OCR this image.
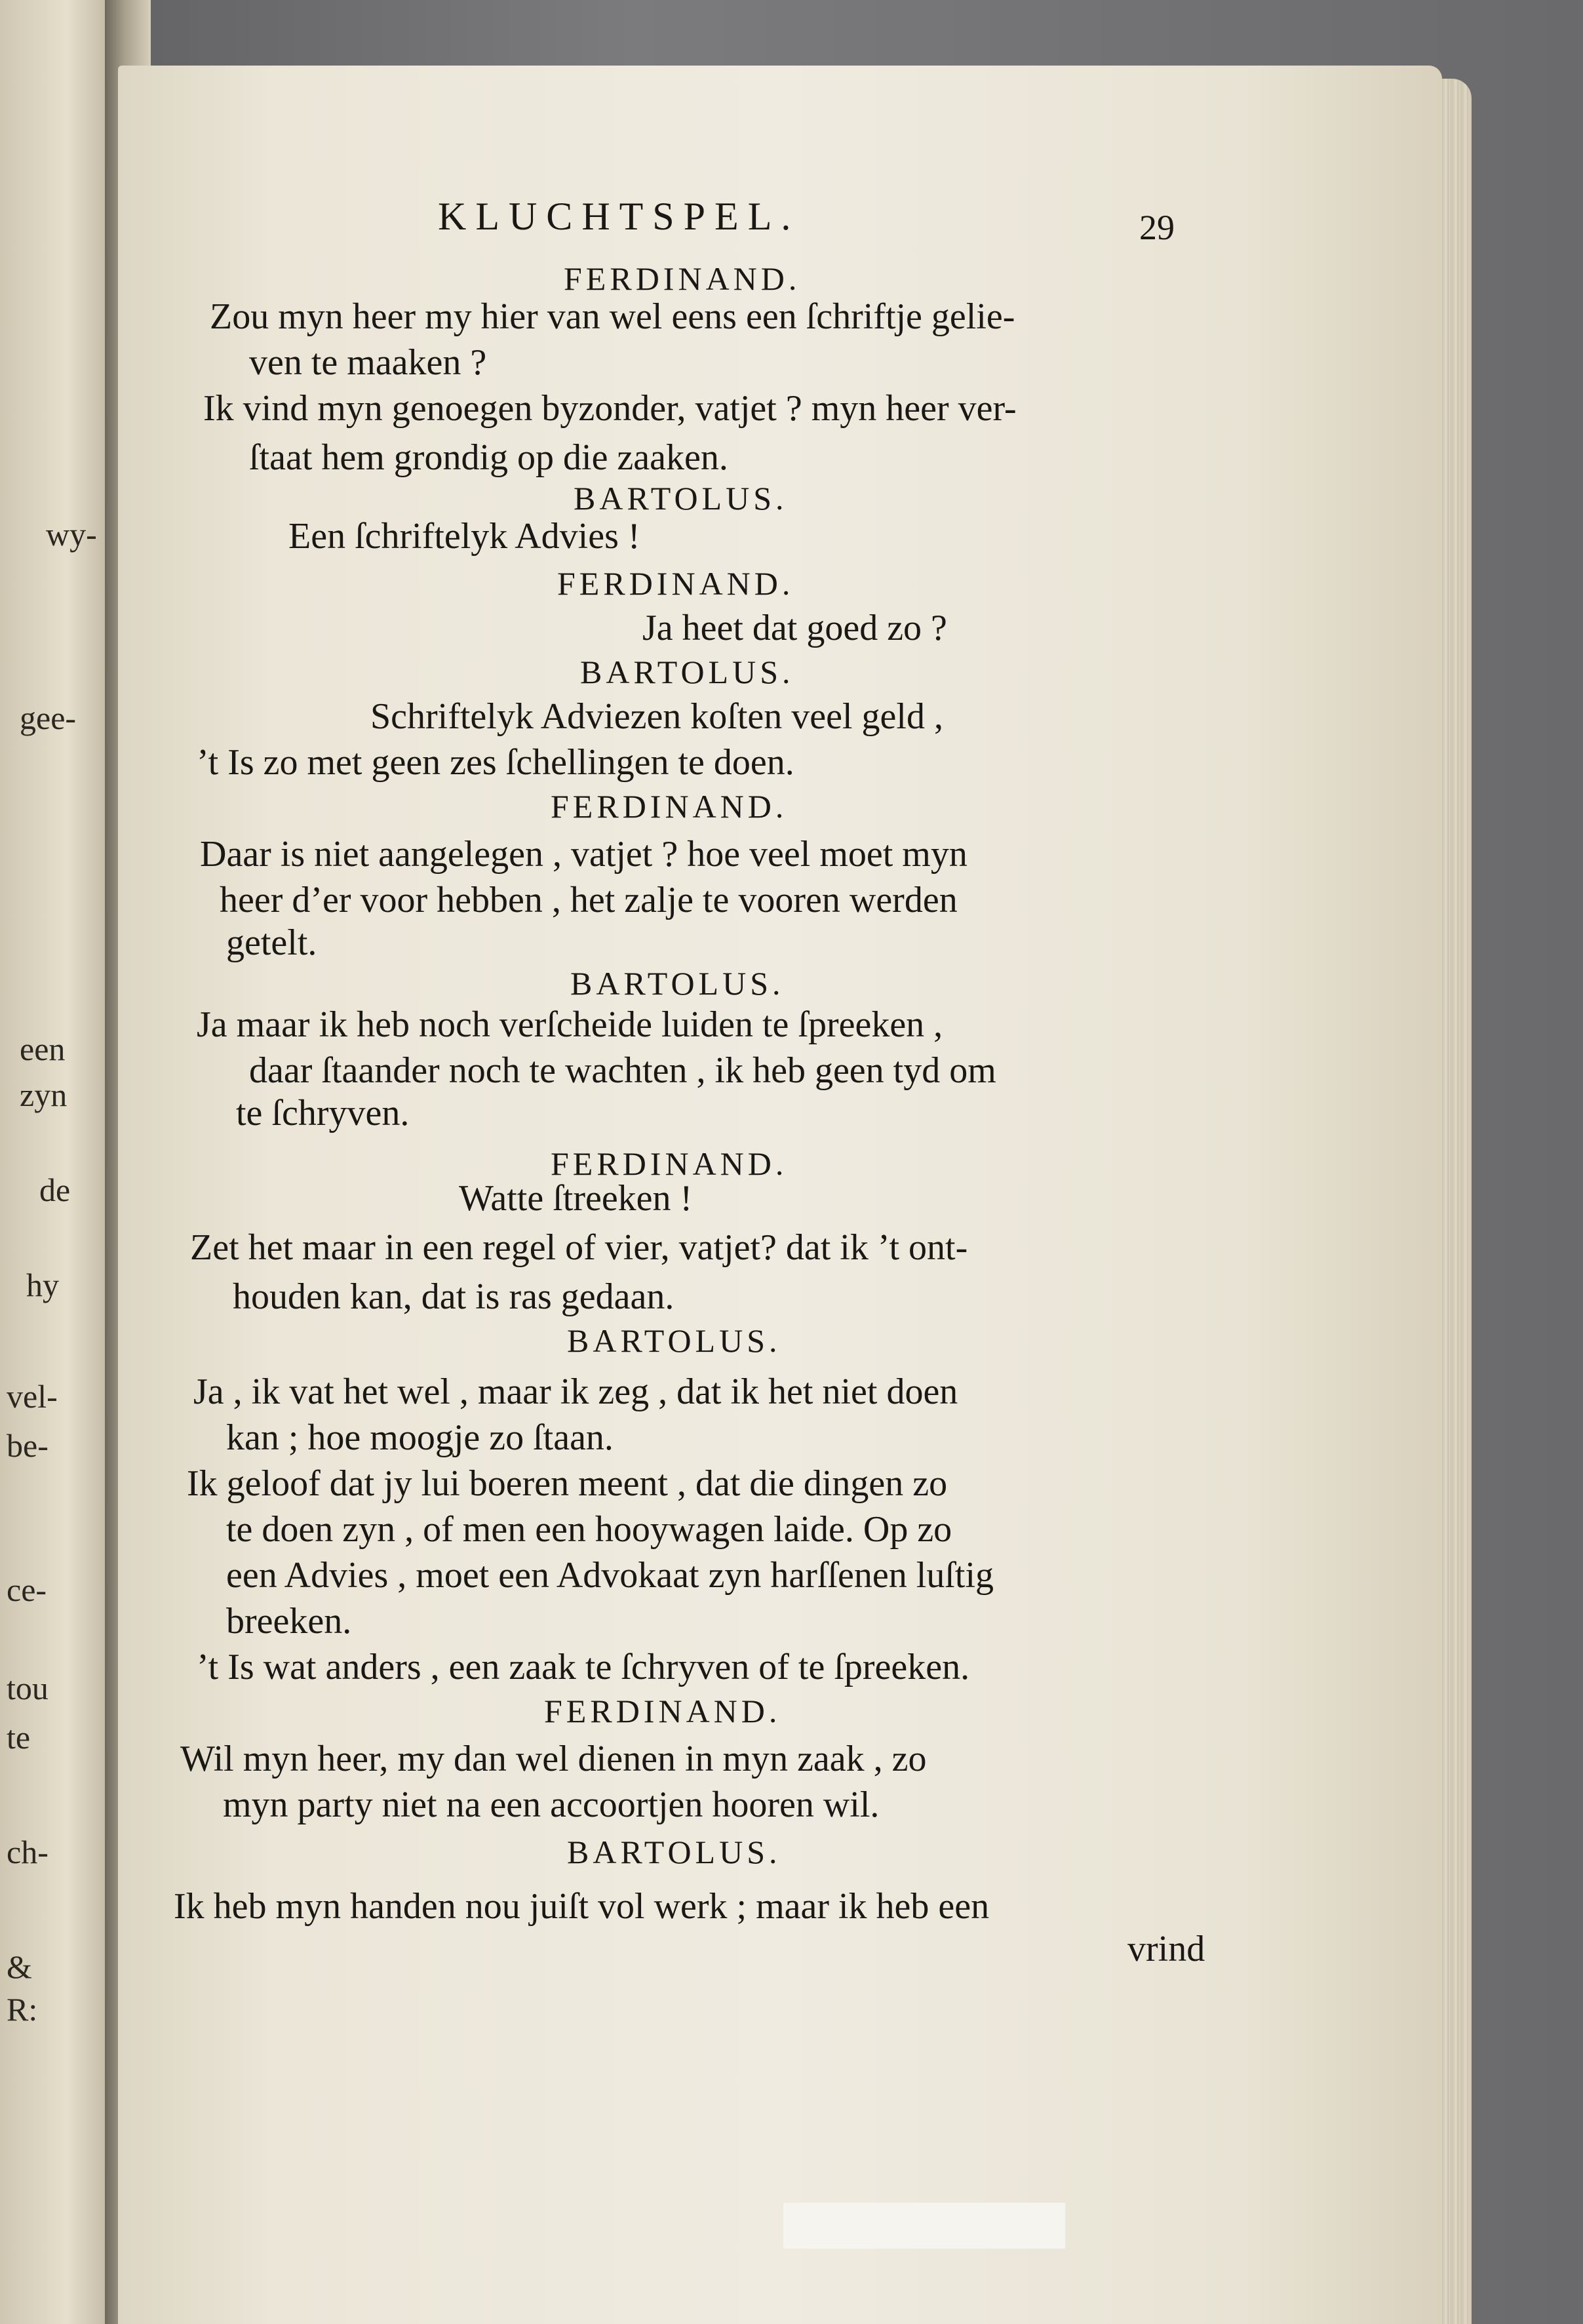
wy-
gee-
een
zyn
de
hy
vel-
be-
ce-
tou
te
ch-
&
R:
KLUCHTSPEL.	29
FERDINAND.
Zou myn heer my hier van wel eens een ſchriftje gelie-
ven te maaken ?
Ik vind myn genoegen byzonder, vatjet ? myn heer ver-
ſtaat hem grondig op die zaaken.
BARTOLUS.
Een ſchriftelyk Advies !
FERDINAND.
Ja heet dat goed zo ?
BARTOLUS.
Schriftelyk Adviezen koſten veel geld ,
’t Is zo met geen zes ſchellingen te doen.
FERDINAND.
Daar is niet aangelegen , vatjet ? hoe veel moet myn
heer d’er voor hebben , het zalje te vooren werden
getelt.
BARTOLUS.
Ja maar ik heb noch verſcheide luiden te ſpreeken ,
daar ſtaander noch te wachten , ik heb geen tyd om
te ſchryven.
FERDINAND.
Watte ſtreeken !
Zet het maar in een regel of vier, vatjet? dat ik ’t ont-
houden kan, dat is ras gedaan.
BARTOLUS.
Ja , ik vat het wel , maar ik zeg , dat ik het niet doen
kan ; hoe moogje zo ſtaan.
Ik geloof dat jy lui boeren meent , dat die dingen zo
te doen zyn , of men een hooywagen laide. Op zo
een Advies , moet een Advokaat zyn harſſenen luſtig
breeken.
’t Is wat anders , een zaak te ſchryven of te ſpreeken.
FERDINAND.
Wil myn heer, my dan wel dienen in myn zaak , zo
myn party niet na een accoortjen hooren wil.
BARTOLUS.
Ik heb myn handen nou juiſt vol werk ; maar ik heb een
vrind
